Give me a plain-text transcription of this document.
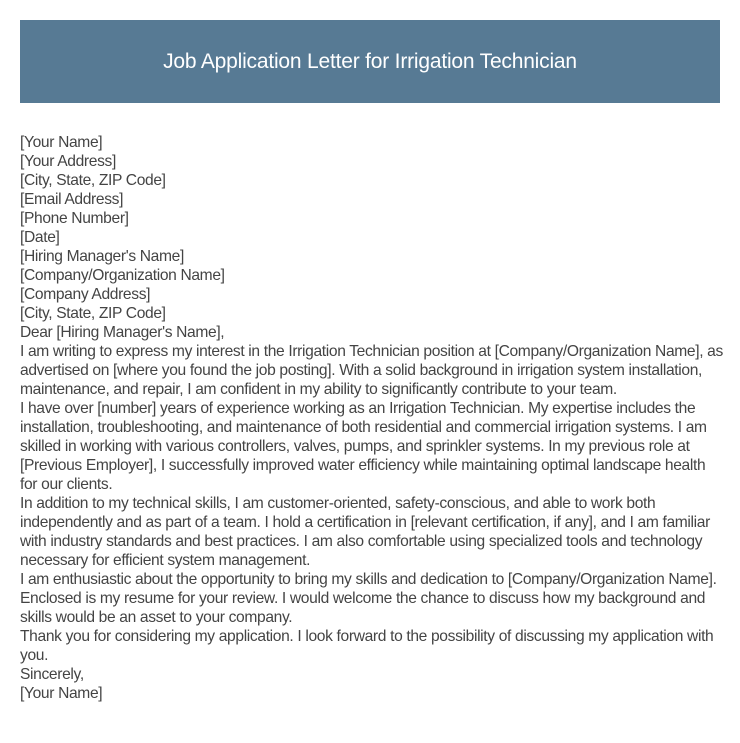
Job Application Letter for Irrigation Technician

[Your Name]

[Your Address]

[City, State, ZIP Code]

[Email Address]

[Phone Number]

[Date]

[Hiring Manager's Name]

[Company/Organization Name]

[Company Address]

[City, State, ZIP Code]

Dear [Hiring Manager's Name],

I am writing to express my interest in the Irrigation Technician position at [Company/Organization Name], as advertised on [where you found the job posting]. With a solid background in irrigation system installation, maintenance, and repair, I am confident in my ability to significantly contribute to your team.

I have over [number] years of experience working as an Irrigation Technician. My expertise includes the installation, troubleshooting, and maintenance of both residential and commercial irrigation systems. I am skilled in working with various controllers, valves, pumps, and sprinkler systems. In my previous role at [Previous Employer], I successfully improved water efficiency while maintaining optimal landscape health for our clients.

In addition to my technical skills, I am customer-oriented, safety-conscious, and able to work both independently and as part of a team. I hold a certification in [relevant certification, if any], and I am familiar with industry standards and best practices. I am also comfortable using specialized tools and technology necessary for efficient system management.

I am enthusiastic about the opportunity to bring my skills and dedication to [Company/Organization Name]. Enclosed is my resume for your review. I would welcome the chance to discuss how my background and skills would be an asset to your company.

Thank you for considering my application. I look forward to the possibility of discussing my application with you.

Sincerely,

[Your Name]
